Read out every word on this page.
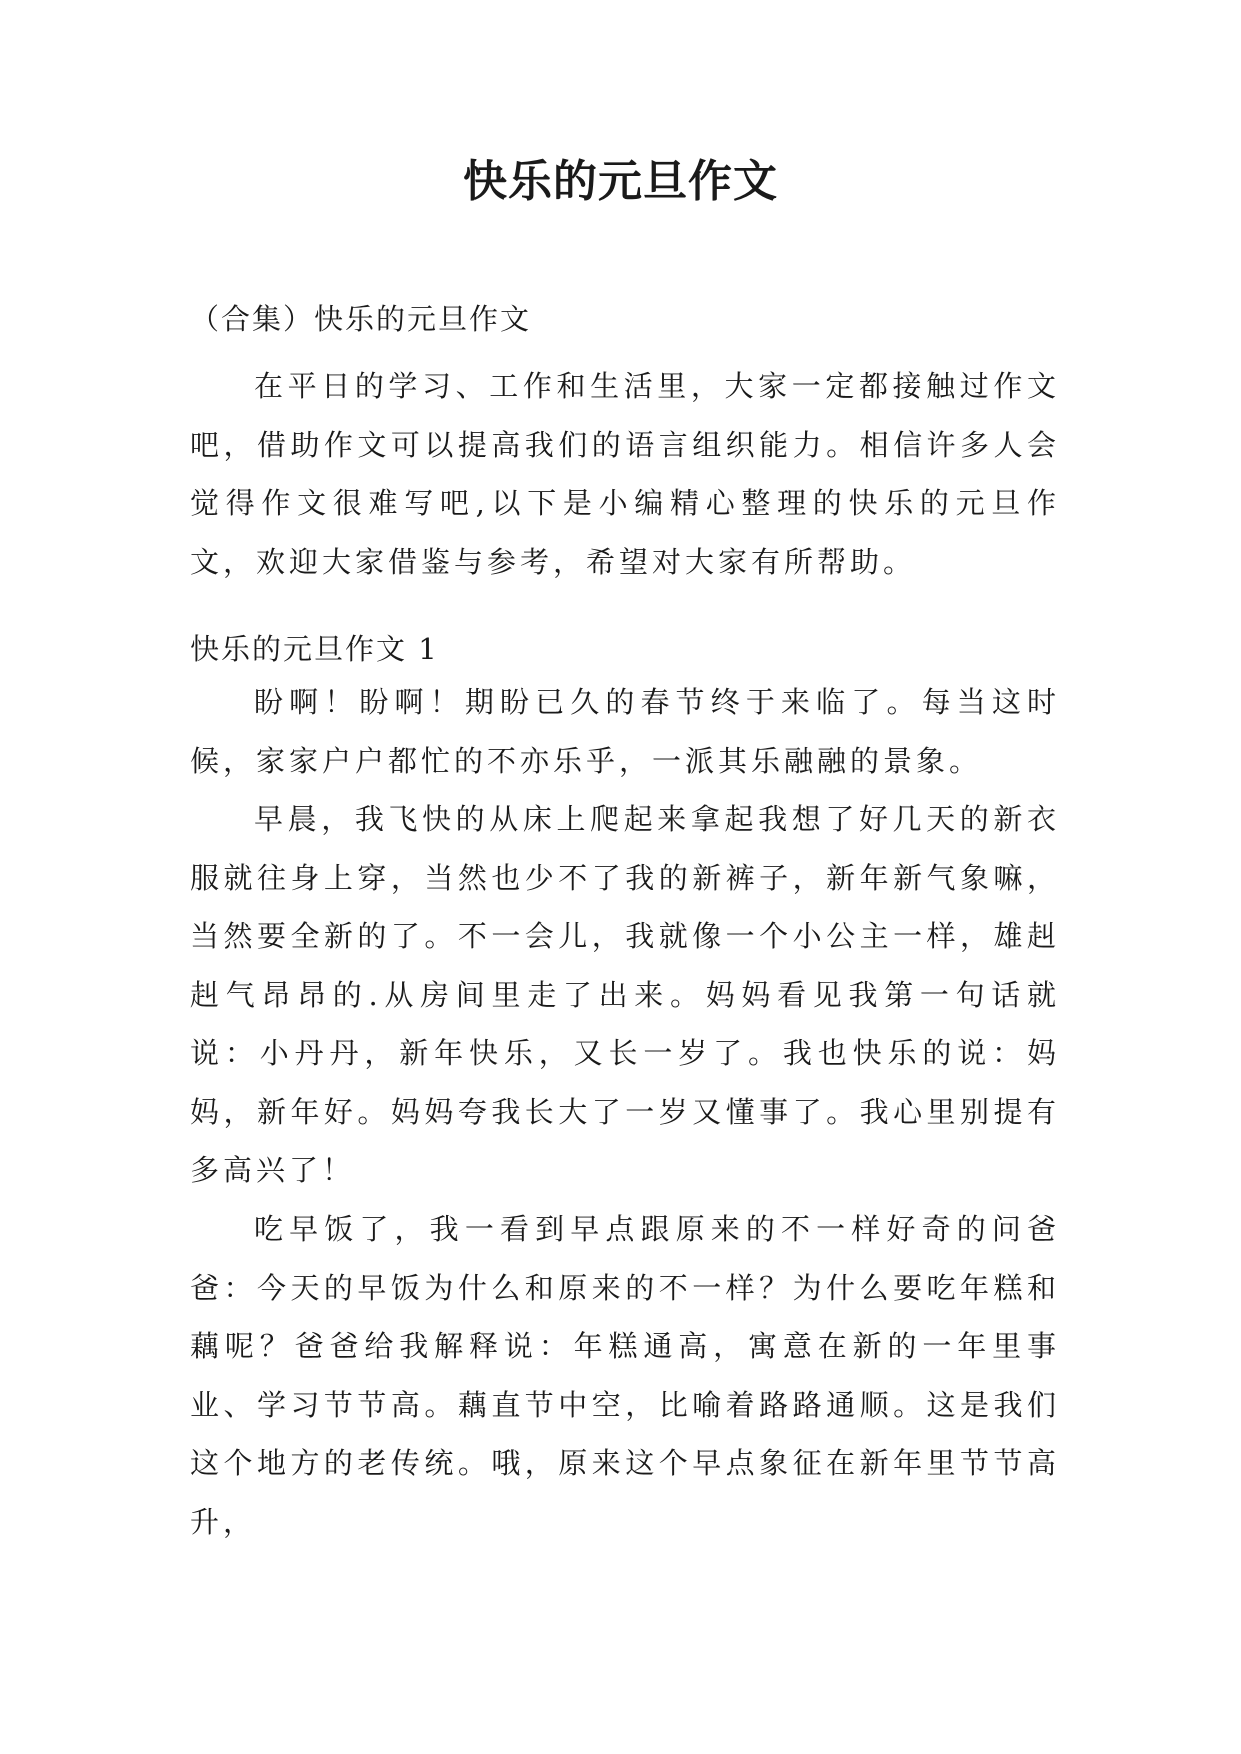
快乐的元旦作文
（合集）快乐的元旦作文

在平日的学习、工作和生活里，大家一定都接触过作文吧，借助作文可以提高我们的语言组织能力。相信许多人会觉得作文很难写吧,以下是小编精心整理的快乐的元旦作文，欢迎大家借鉴与参考，希望对大家有所帮助。

快乐的元旦作文 1

盼啊！盼啊！期盼已久的春节终于来临了。每当这时候，家家户户都忙的不亦乐乎，一派其乐融融的景象。

早晨，我飞快的从床上爬起来拿起我想了好几天的新衣服就往身上穿，当然也少不了我的新裤子，新年新气象嘛，当然要全新的了。不一会儿，我就像一个小公主一样，雄赳赳气昂昂的.从房间里走了出来。妈妈看见我第一句话就说：小丹丹，新年快乐，又长一岁了。我也快乐的说：妈妈，新年好。妈妈夸我长大了一岁又懂事了。我心里别提有多高兴了！

吃早饭了，我一看到早点跟原来的不一样好奇的问爸爸：今天的早饭为什么和原来的不一样？为什么要吃年糕和藕呢？爸爸给我解释说：年糕通高，寓意在新的一年里事业、学习节节高。藕直节中空，比喻着路路通顺。这是我们这个地方的老传统。哦，原来这个早点象征在新年里节节高升，
